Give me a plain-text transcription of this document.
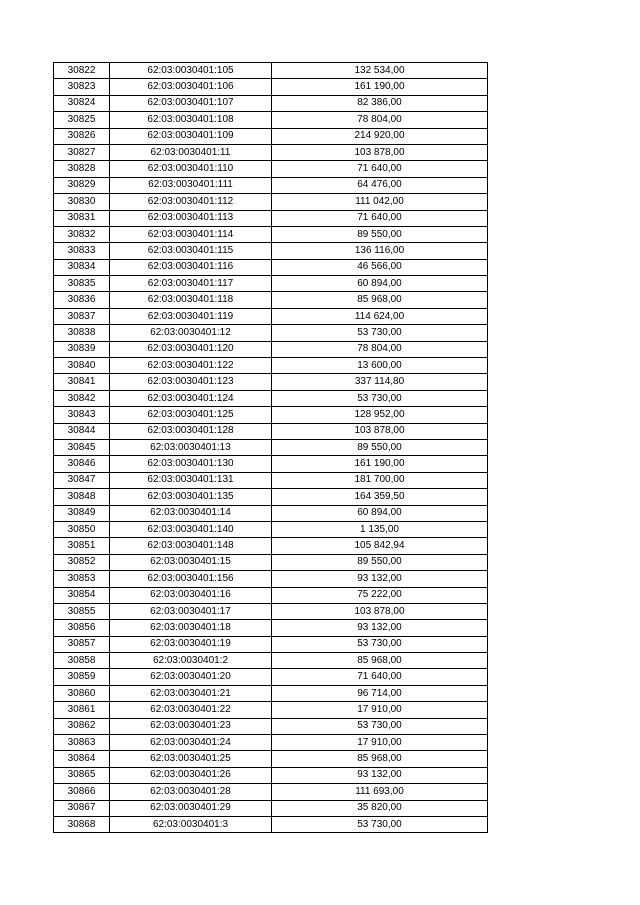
30822	62:03:0030401:105	132 534,00
30823	62:03:0030401:106	161 190,00
30824	62:03:0030401:107	82 386,00
30825	62:03:0030401:108	78 804,00
30826	62:03:0030401:109	214 920,00
30827	62:03:0030401:11	103 878,00
30828	62:03:0030401:110	71 640,00
30829	62:03:0030401:111	64 476,00
30830	62:03:0030401:112	111 042,00
30831	62:03:0030401:113	71 640,00
30832	62:03:0030401:114	89 550,00
30833	62:03:0030401:115	136 116,00
30834	62:03:0030401:116	46 566,00
30835	62:03:0030401:117	60 894,00
30836	62:03:0030401:118	85 968,00
30837	62:03:0030401:119	114 624,00
30838	62:03:0030401:12	53 730,00
30839	62:03:0030401:120	78 804,00
30840	62:03:0030401:122	13 600,00
30841	62:03:0030401:123	337 114,80
30842	62:03:0030401:124	53 730,00
30843	62:03:0030401:125	128 952,00
30844	62:03:0030401:128	103 878,00
30845	62:03:0030401:13	89 550,00
30846	62:03:0030401:130	161 190,00
30847	62:03:0030401:131	181 700,00
30848	62:03:0030401:135	164 359,50
30849	62:03:0030401:14	60 894,00
30850	62:03:0030401:140	1 135,00
30851	62:03:0030401:148	105 842,94
30852	62:03:0030401:15	89 550,00
30853	62:03:0030401:156	93 132,00
30854	62:03:0030401:16	75 222,00
30855	62:03:0030401:17	103 878,00
30856	62:03:0030401:18	93 132,00
30857	62:03:0030401:19	53 730,00
30858	62:03:0030401:2	85 968,00
30859	62:03:0030401:20	71 640,00
30860	62:03:0030401:21	96 714,00
30861	62:03:0030401:22	17 910,00
30862	62:03:0030401:23	53 730,00
30863	62:03:0030401:24	17 910,00
30864	62:03:0030401:25	85 968,00
30865	62:03:0030401:26	93 132,00
30866	62:03:0030401:28	111 693,00
30867	62:03:0030401:29	35 820,00
30868	62:03:0030401:3	53 730,00
